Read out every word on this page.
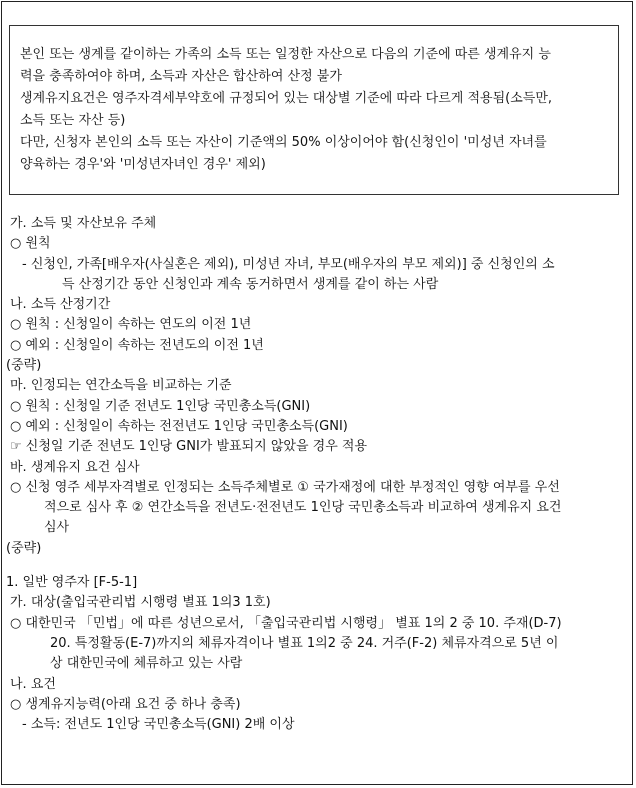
본인 또는 생계를 같이하는 가족의 소득 또는 일정한 자산으로 다음의 기준에 따른 생계유지 능

력을 충족하여야 하며, 소득과 자산은 합산하여 산정 불가

생계유지요건은 영주자격세부약호에 규정되어 있는 대상별 기준에 따라 다르게 적용됨(소득만,

소득 또는 자산 등)

다만, 신청자 본인의 소득 또는 자산이 기준액의 50% 이상이어야 함(신청인이 '미성년 자녀를

양육하는 경우'와 '미성년자녀인 경우' 제외)

가. 소득 및 자산보유 주체
○ 원칙
- 신청인, 가족[배우자(사실혼은 제외), 미성년 자녀, 부모(배우자의 부모 제외)] 중 신청인의 소
득 산정기간 동안 신청인과 계속 동거하면서 생계를 같이 하는 사람
나. 소득 산정기간
○ 원칙 : 신청일이 속하는 연도의 이전 1년
○ 예외 : 신청일이 속하는 전년도의 이전 1년
(중략)
마. 인정되는 연간소득을 비교하는 기준
○ 원칙 : 신청일 기준 전년도 1인당 국민총소득(GNI)
○ 예외 : 신청일이 속하는 전전년도 1인당 국민총소득(GNI)
☞ 신청일 기준 전년도 1인당 GNI가 발표되지 않았을 경우 적용
바. 생계유지 요건 심사
○ 신청 영주 세부자격별로 인정되는 소득주체별로 ① 국가재정에 대한 부정적인 영향 여부를 우선
적으로 심사 후 ② 연간소득을 전년도·전전년도 1인당 국민총소득과 비교하여 생계유지 요건
심사
(중략)
1. 일반 영주자 [F-5-1]
가. 대상(출입국관리법 시행령 별표 1의3 1호)
○ 대한민국 「민법」에 따른 성년으로서, 「출입국관리법 시행령」 별표 1의 2 중 10. 주재(D-7)
20. 특정활동(E-7)까지의 체류자격이나 별표 1의2 중 24. 거주(F-2) 체류자격으로 5년 이
상 대한민국에 체류하고 있는 사람
나. 요건
○ 생계유지능력(아래 요건 중 하나 충족)
- 소득: 전년도 1인당 국민총소득(GNI) 2배 이상
